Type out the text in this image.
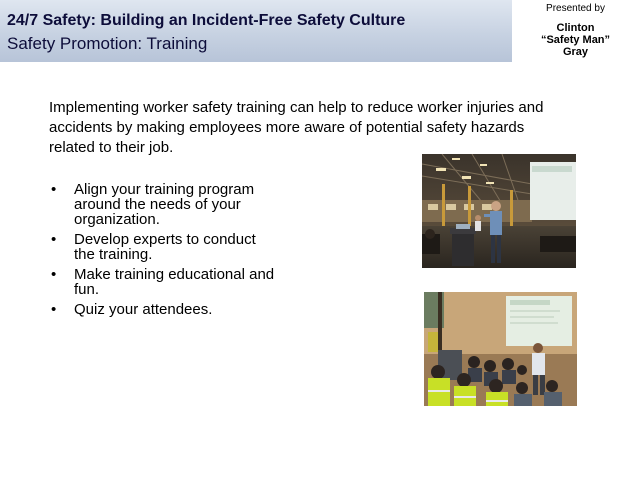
24/7 Safety: Building an Incident-Free Safety Culture
Safety Promotion: Training
Presented by
Clinton
“Safety Man”
Gray
Implementing worker safety training can help to reduce worker injuries and
accidents by making employees more aware of potential safety hazards
related to their job.
• Align your training program
around the needs of your
organization.
• Develop experts to conduct
the training.
• Make training educational and
fun.
• Quiz your attendees.
